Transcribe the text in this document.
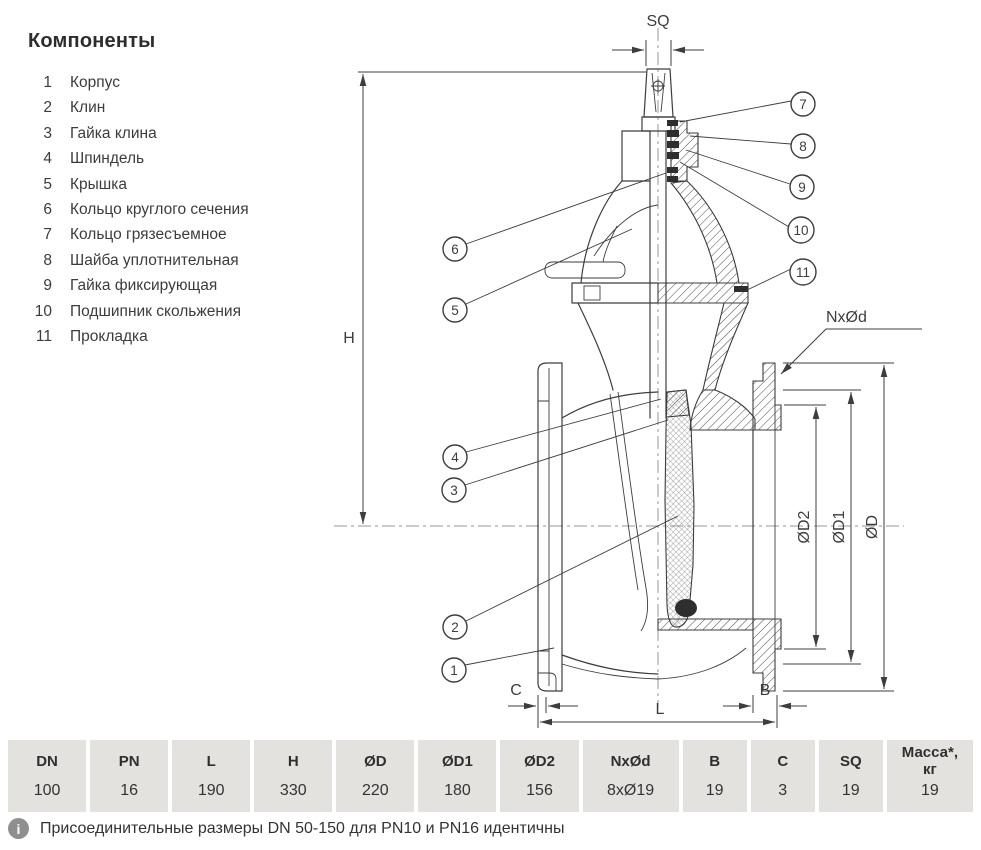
Компоненты
1 Корпус
2 Клин
3 Гайка клина
4 Шпиндель
5 Крышка
6 Кольцо круглого сечения
7 Кольцо грязесъемное
8 Шайба уплотнительная
9 Гайка фиксирующая
10 Подшипник скольжения
11 Прокладка
SQ
H
ØD
ØD1
ØD2
NxØd
C	B
L
1
2
3
4
5
6
7
8
9
10
11
DN
100
PN
16
L
190
H
330
ØD
220
ØD1
180
ØD2
156
NxØd
8xØ19
B
19
C
3
SQ
19
Масса*,
кг
19
i	Присоединительные размеры DN 50-150 для PN10 и PN16 идентичны
